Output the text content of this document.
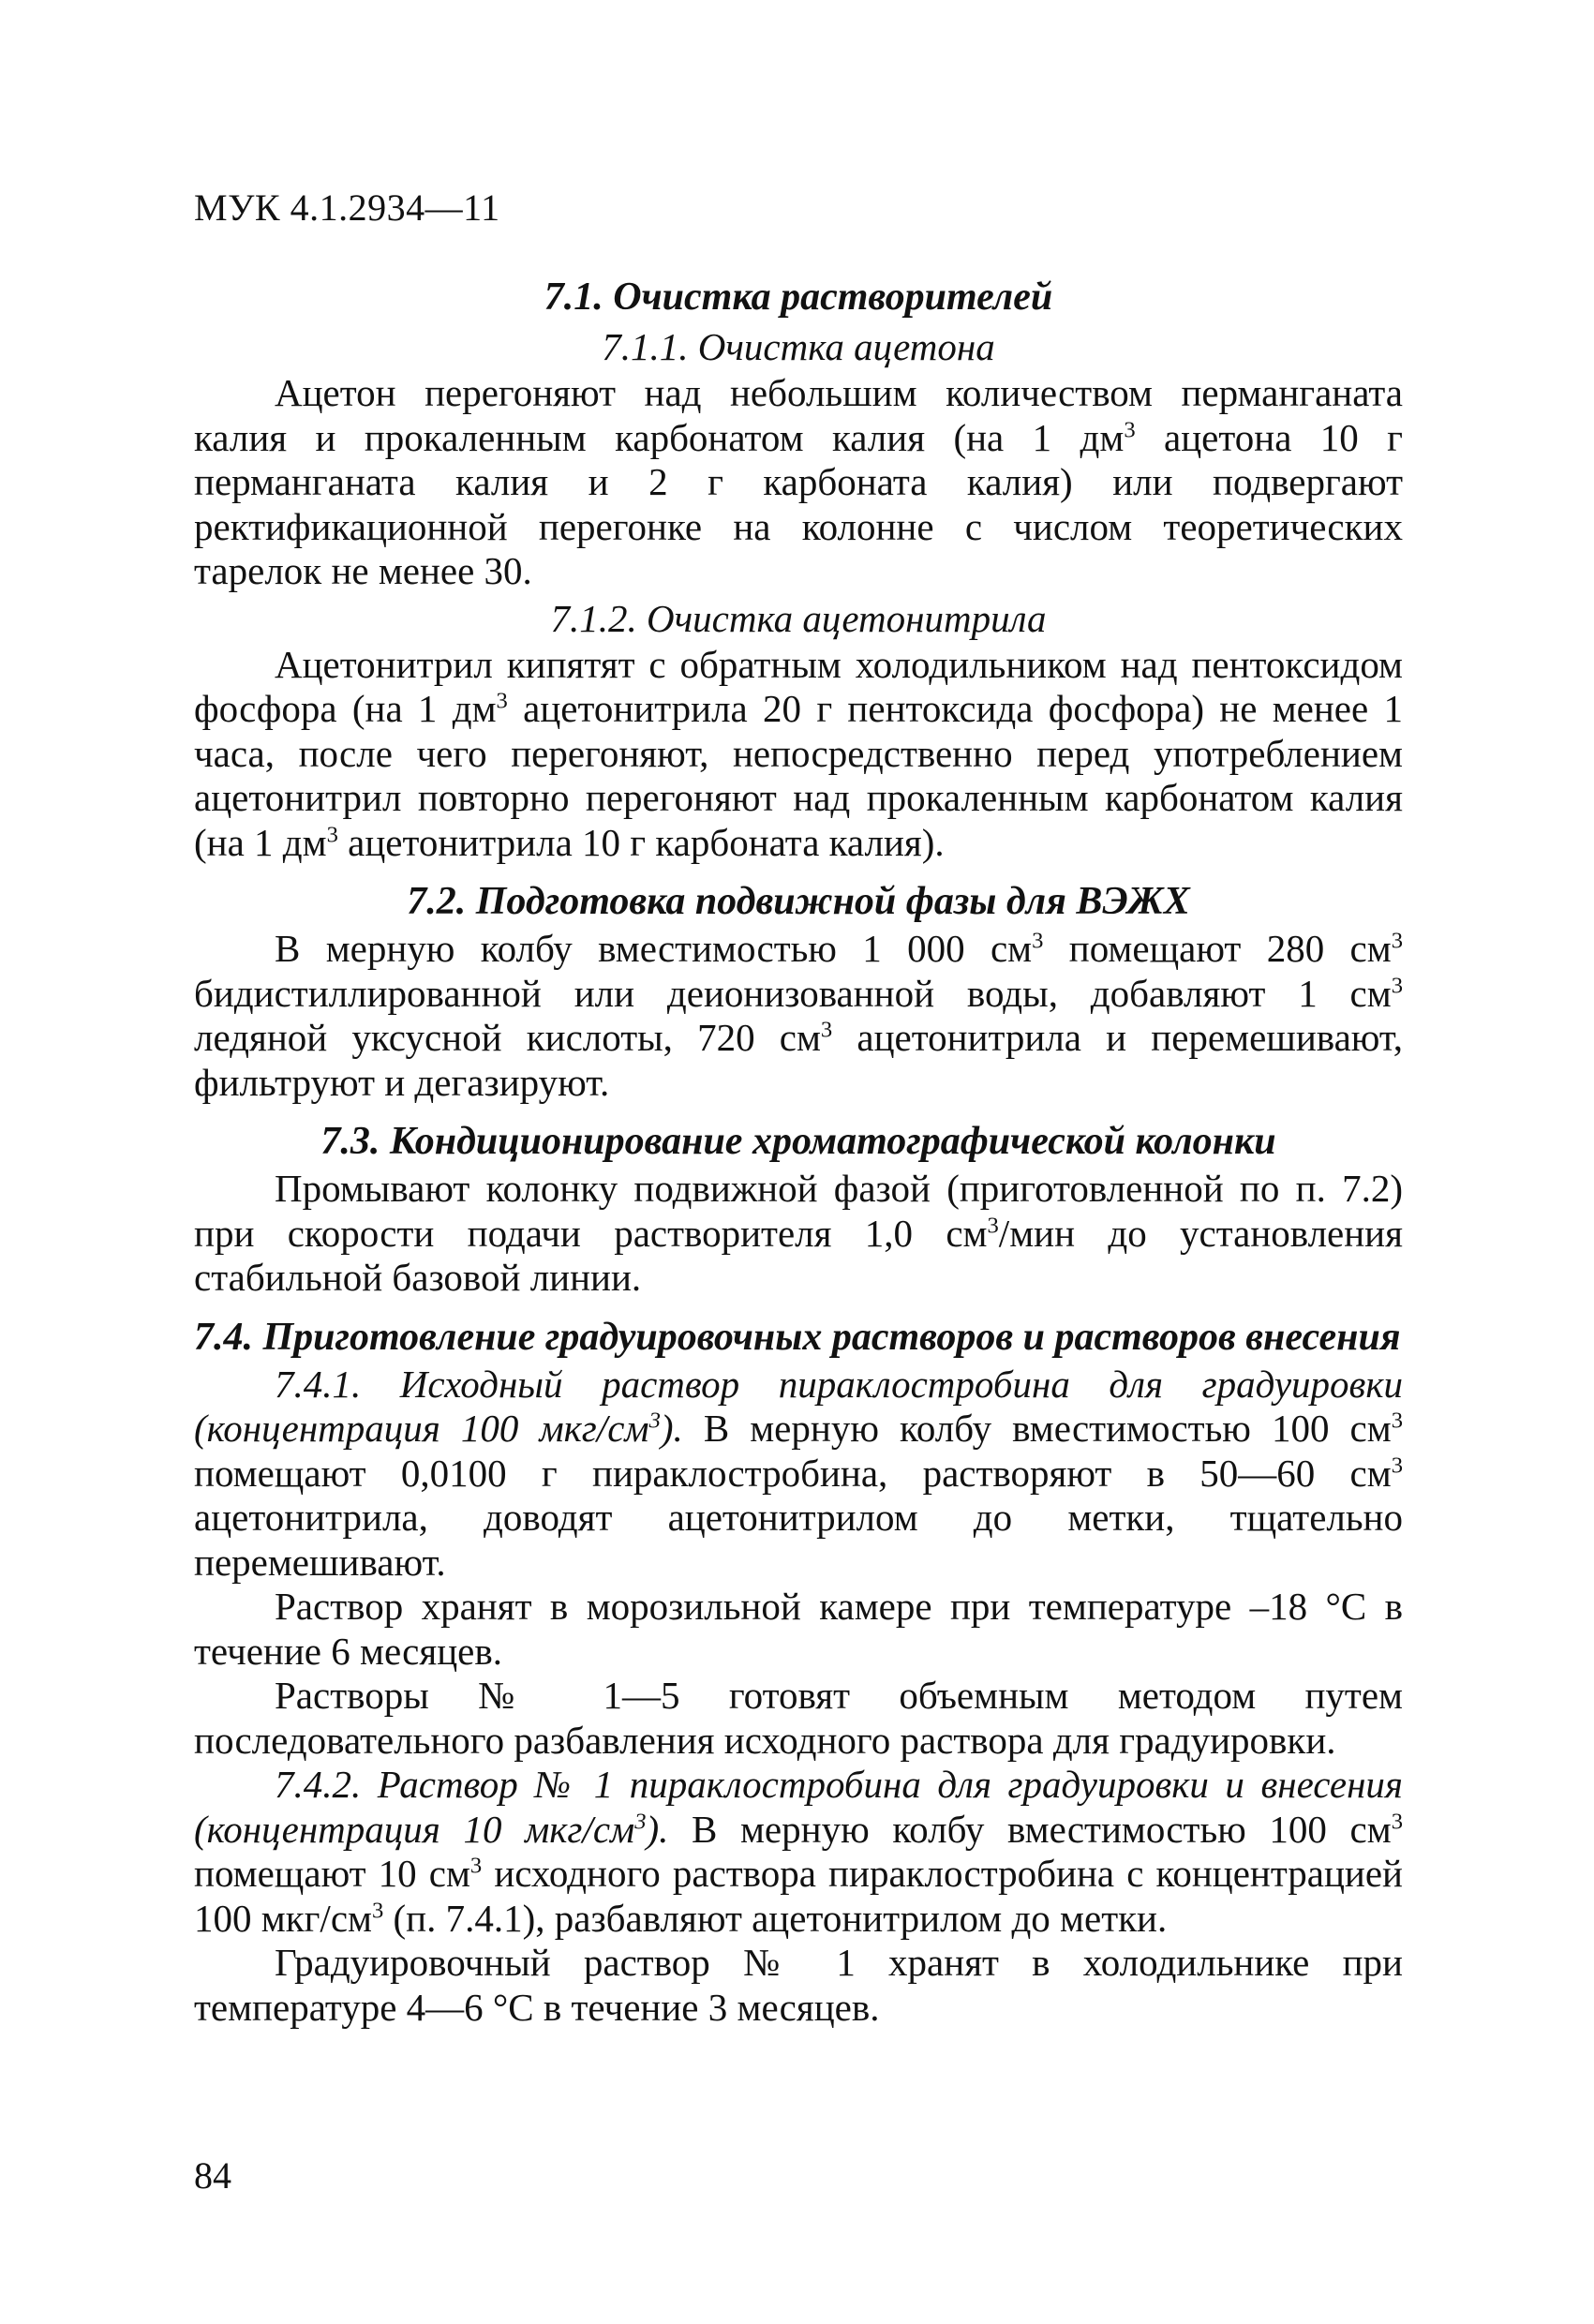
МУК 4.1.2934—11
7.1. Очистка растворителей
7.1.1. Очистка ацетона

Ацетон перегоняют над небольшим количеством перманганата калия и прокаленным карбонатом калия (на 1 $дм^3$ ацетона 10 г перманганата калия и 2 г карбоната калия) или подвергают ректификационной перегонке на колонне с числом теоретических тарелок не менее 30.

7.1.2. Очистка ацетонитрила

Ацетонитрил кипятят с обратным холодильником над пентоксидом фосфора (на 1 $дм^3$ ацетонитрила 20 г пентоксида фосфора) не менее 1 часа, после чего перегоняют, непосредственно перед употреблением ацетонитрил повторно перегоняют над прокаленным карбонатом калия (на 1 $дм^3$ ацетонитрила 10 г карбоната калия).

7.2. Подготовка подвижной фазы для ВЭЖХ

В мерную колбу вместимостью 1 000 $см^3$ помещают 280 $см^3$ бидистиллированной или деионизованной воды, добавляют 1 $см^3$ ледяной уксусной кислоты, 720 $см^3$ ацетонитрила и перемешивают, фильтруют и дегазируют.

7.3. Кондиционирование хроматографической колонки

Промывают колонку подвижной фазой (приготовленной по п. 7.2) при скорости подачи растворителя 1,0 $см^3$/мин до установления стабильной базовой линии.

7.4. Приготовление градуировочных растворов и растворов внесения

7.4.1. Исходный раствор пираклостробина для градуировки (концентрация 100 мкг/$см^3$). В мерную колбу вместимостью 100 $см^3$ помещают 0,0100 г пираклостробина, растворяют в 50—60 $см^3$ ацетонитрила, доводят ацетонитрилом до метки, тщательно перемешивают.

Раствор хранят в морозильной камере при температуре –18 °С в течение 6 месяцев.

Растворы № 1—5 готовят объемным методом путем последовательного разбавления исходного раствора для градуировки.

7.4.2. Раствор № 1 пираклостробина для градуировки и внесения (концентрация 10 мкг/$см^3$). В мерную колбу вместимостью 100 $см^3$ помещают 10 $см^3$ исходного раствора пираклостробина с концентрацией 100 мкг/$см^3$ (п. 7.4.1), разбавляют ацетонитрилом до метки.

Градуировочный раствор № 1 хранят в холодильнике при температуре 4—6 °С в течение 3 месяцев.

84
